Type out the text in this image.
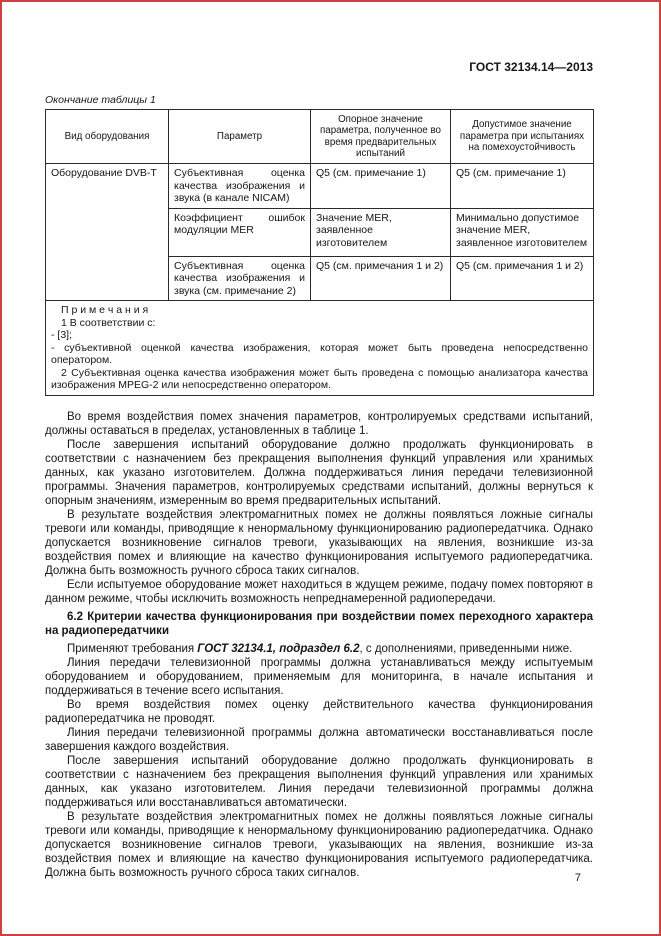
ГОСТ 32134.14—2013
Окончание таблицы 1
Вид оборудования	Параметр	Опорное значение параметра, полученное во время предварительных испытаний	Допустимое значение параметра при испытаниях на помехоустойчивость
Оборудование DVB-T	Субъективная оценка качества изображения и звука (в канале NICAM)	Q5 (см. примечание 1)	Q5 (см. примечание 1)
	Коэффициент ошибок модуляции MER	Значение MER, заявленное изготовителем	Минимально допустимое значение MER, заявленное изготовителем
	Субъективная оценка качества изображения и звука (см. примечание 2)	Q5 (см. примечания 1 и 2)	Q5 (см. примечания 1 и 2)

П р и м е ч а н и я
1 В соответствии с:
- [3];
- субъективной оценкой качества изображения, которая может быть проведена непосредственно оператором.
2 Субъективная оценка качества изображения может быть проведена с помощью анализатора качества изображения MPEG-2 или непосредственно оператором.			

Во время воздействия помех значения параметров, контролируемых средствами испытаний, должны оставаться в пределах, установленных в таблице 1.

После завершения испытаний оборудование должно продолжать функционировать в соответствии с назначением без прекращения выполнения функций управления или хранимых данных, как указано изготовителем. Должна поддерживаться линия передачи телевизионной программы. Значения параметров, контролируемых средствами испытаний, должны вернуться к опорным значениям, измеренным во время предварительных испытаний.

В результате воздействия электромагнитных помех не должны появляться ложные сигналы тревоги или команды, приводящие к ненормальному функционированию радиопередатчика. Однако допускается возникновение сигналов тревоги, указывающих на явления, возникшие из-за воздействия помех и влияющие на качество функционирования испытуемого радиопередатчика. Должна быть возможность ручного сброса таких сигналов.

Если испытуемое оборудование может находиться в ждущем режиме, подачу помех повторяют в данном режиме, чтобы исключить возможность непреднамеренной радиопередачи.

6.2 Критерии качества функционирования при воздействии помех переходного характера на радиопередатчики

Применяют требования ГОСТ 32134.1, подраздел 6.2, с дополнениями, приведенными ниже.

Линия передачи телевизионной программы должна устанавливаться между испытуемым оборудованием и оборудованием, применяемым для мониторинга, в начале испытания и поддерживаться в течение всего испытания.

Во время воздействия помех оценку действительного качества функционирования радиопередатчика не проводят.

Линия передачи телевизионной программы должна автоматически восстанавливаться после завершения каждого воздействия.

После завершения испытаний оборудование должно продолжать функционировать в соответствии с назначением без прекращения выполнения функций управления или хранимых данных, как указано изготовителем. Линия передачи телевизионной программы должна поддерживаться или восстанавливаться автоматически.

В результате воздействия электромагнитных помех не должны появляться ложные сигналы тревоги или команды, приводящие к ненормальному функционированию радиопередатчика. Однако допускается возникновение сигналов тревоги, указывающих на явления, возникшие из-за воздействия помех и влияющие на качество функционирования испытуемого радиопередатчика. Должна быть возможность ручного сброса таких сигналов.	7
